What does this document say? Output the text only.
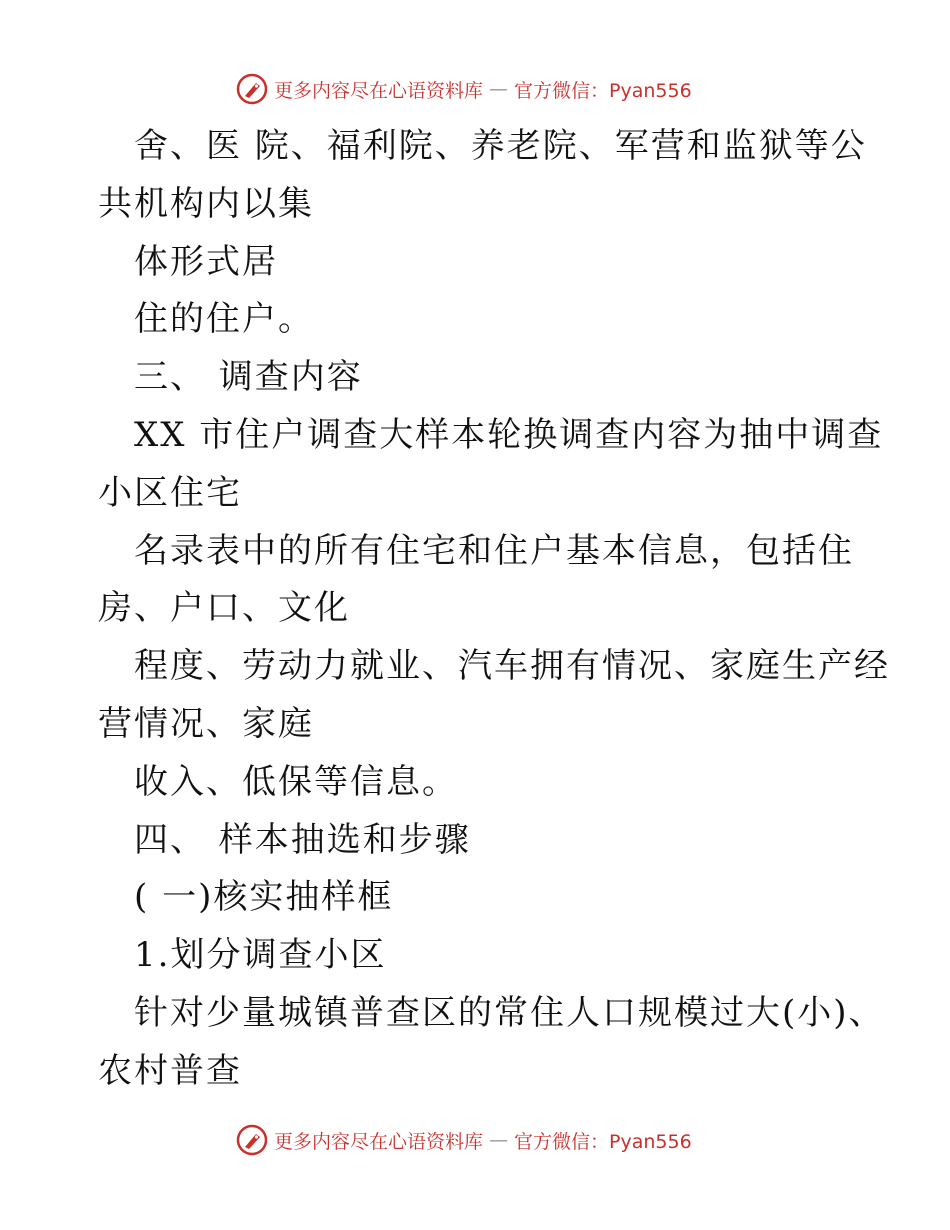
更多内容尽在心语资料库 — 官方微信：Pyan556
舍、医 院、福利院、养老院、军营和监狱等公
共机构内以集
体形式居
住的住户。
三、 调查内容
XX 市住户调查大样本轮换调查内容为抽中调查
小区住宅
名录表中的所有住宅和住户基本信息，包括住
房、户口、文化
程度、劳动力就业、汽车拥有情况、家庭生产经
营情况、家庭
收入、低保等信息。
四、 样本抽选和步骤
( 一)核实抽样框
1.划分调查小区
针对少量城镇普查区的常住人口规模过大(小)、
农村普查
更多内容尽在心语资料库 — 官方微信：Pyan556
